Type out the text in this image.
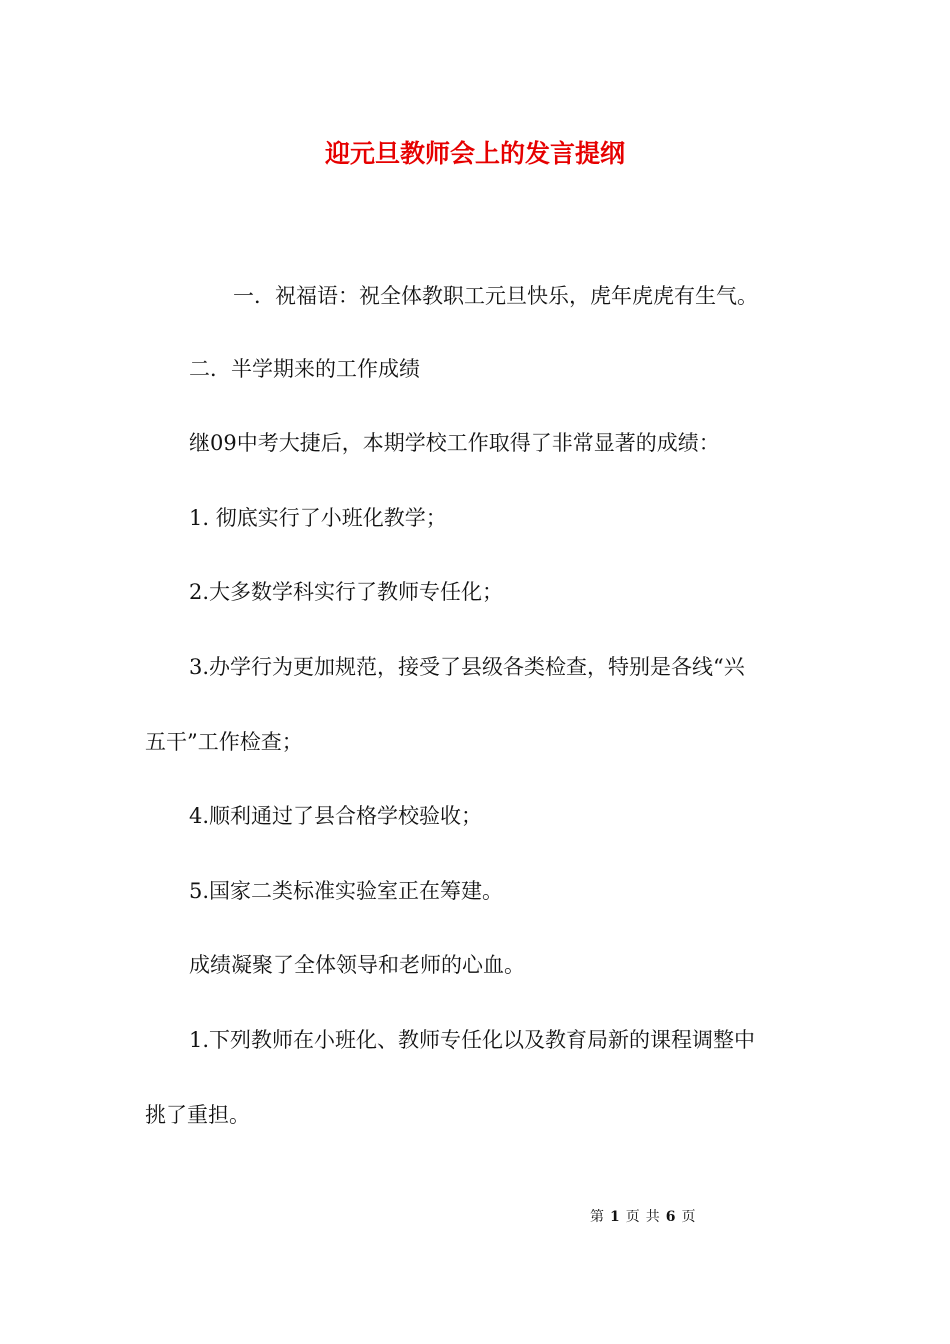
迎元旦教师会上的发言提纲
一．祝福语：祝全体教职工元旦快乐，虎年虎虎有生气。
二．半学期来的工作成绩
继09中考大捷后，本期学校工作取得了非常显著的成绩：
1. 彻底实行了小班化教学；
2.大多数学科实行了教师专任化；
3.办学行为更加规范，接受了县级各类检查，特别是各线“兴
五干”工作检查；
4.顺利通过了县合格学校验收；
5.国家二类标准实验室正在筹建。
成绩凝聚了全体领导和老师的心血。
1.下列教师在小班化、教师专任化以及教育局新的课程调整中
挑了重担。
第 1 页 共 6 页
